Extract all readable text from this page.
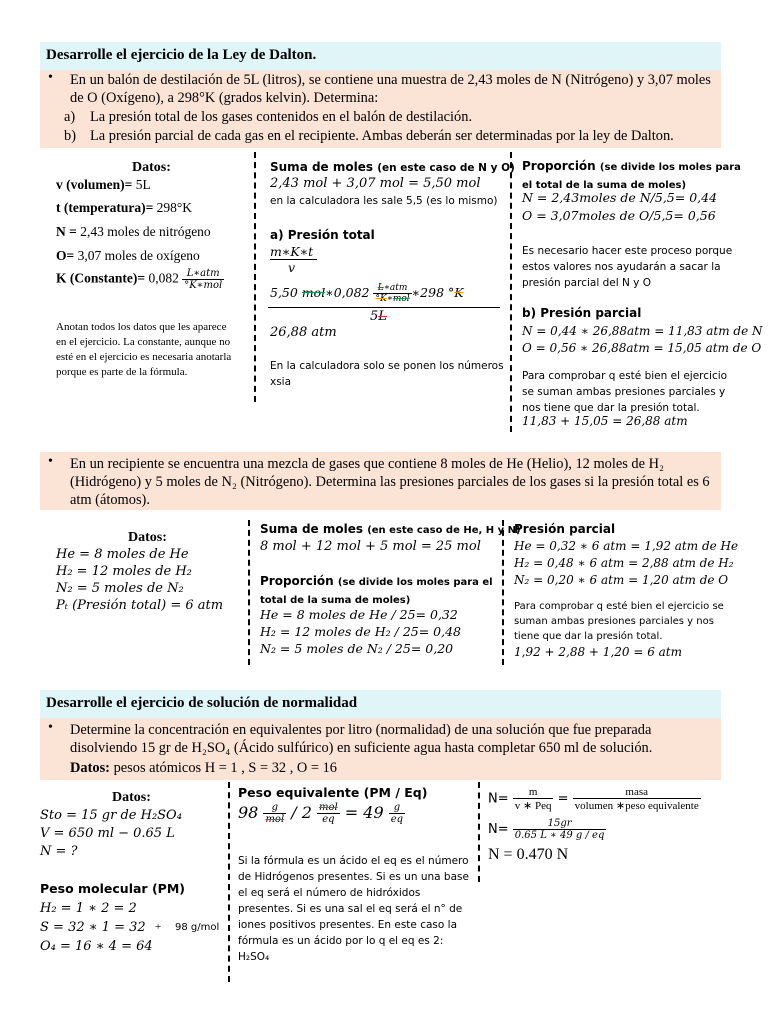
Desarrolle el ejercicio de la Ley de Dalton.
• En un balón de destilación de 5L (litros), se contiene una muestra de 2,43 moles de N (Nitrógeno) y 3,07 moles de O (Oxígeno), a 298°K (grados kelvin). Determina:
a) La presión total de los gases contenidos en el balón de destilación.
b) La presión parcial de cada gas en el recipiente. Ambas deberán ser determinadas por la ley de Dalton.
Datos:
v (volumen)= 5L
t (temperatura)= 298°K
N = 2,43 moles de nitrógeno
O= 3,07 moles de oxígeno
K (Constante)= $0,082 \frac{\text{L∗atm}}{\text{°K∗mol}}$
Anotan todos los datos que les aparece en el ejercicio. La constante, aunque no esté en el ejercicio es necesaria anotarla porque es parte de la fórmula.
Suma de moles (en este caso de N y O)
2,43 mol + 3,07 mol = 5,50 mol
en la calculadora les sale 5,5 (es lo mismo)
a) Presión total
m∗K∗t
v
5,50 mol∗0,082 $\frac{\text{L∗atm}}{\text{°K∗mol}}$ ∗298 °K
5L
26,88 atm
En la calculadora solo se ponen los números xsia
Proporción (se divide los moles para el total de la suma de moles)
N = 2,43moles de N/5,5= 0,44
O = 3,07moles de O/5,5= 0,56
Es necesario hacer este proceso porque estos valores nos ayudarán a sacar la presión parcial del N y O
b) Presión parcial
N = 0,44 ∗ 26,88atm = 11,83 atm de N
O = 0,56 ∗ 26,88atm = 15,05 atm de O
Para comprobar q esté bien el ejercicio se suman ambas presiones parciales y nos tiene que dar la presión total.
11,83 + 15,05 = 26,88 atm
• En un recipiente se encuentra una mezcla de gases que contiene 8 moles de He (Helio), 12 moles de H₂ (Hidrógeno) y 5 moles de N₂ (Nitrógeno). Determina las presiones parciales de los gases si la presión total es 6 atm (átomos).
Datos:
He = 8 moles de He
H₂ = 12 moles de H₂
N₂ = 5 moles de N₂
Pₜ (Presión total) = 6 atm
Suma de moles (en este caso de He, H y N)
8 mol + 12 mol + 5 mol = 25 mol
Proporción (se divide los moles para el total de la suma de moles)
He = 8 moles de He / 25= 0,32
H₂ = 12 moles de H₂ / 25= 0,48
N₂ = 5 moles de N₂ / 25= 0,20
Presión parcial
He = 0,32 ∗ 6 atm = 1,92 atm de He
H₂ = 0,48 ∗ 6 atm = 2,88 atm de H₂
N₂ = 0,20 ∗ 6 atm = 1,20 atm de O
Para comprobar q esté bien el ejercicio se suman ambas presiones parciales y nos tiene que dar la presión total.
1,92 + 2,88 + 1,20 = 6 atm
Desarrolle el ejercicio de solución de normalidad
• Determine la concentración en equivalentes por litro (normalidad) de una solución que fue preparada disolviendo 15 gr de H₂SO₄ (Ácido sulfúrico) en suficiente agua hasta completar 650 ml de solución.
Datos: pesos atómicos H = 1 , S = 32 , O = 16
Datos:
Sto = 15 gr de H₂SO₄
V = 650 ml − 0.65 L
N = ?
Peso molecular (PM)
H₂ = 1 ∗ 2 = 2
S = 32 ∗ 1 = 32 + 98 g/mol
O₄ = 16 ∗ 4 = 64
Peso equivalente (PM / Eq)
$98 \frac{g}{\text{mol}} / 2 \frac{\text{mol}}{eq} = 49 \frac{g}{eq}$
Si la fórmula es un ácido el eq es el número de Hidrógenos presentes. Si es un una base el eq será el número de hidróxidos presentes. Si es una sal el eq será el n° de iones positivos presentes. En este caso la fórmula es un ácido por lo q el eq es 2: H₂SO₄
$N= \frac{m}{\text{v ∗ Peq}} = \frac{\text{masa}}{\text{volumen ∗peso equivalente}}$
$N= \frac{15gr}{0.65 L ∗ 49 g / eq}$
N = 0.470 N
